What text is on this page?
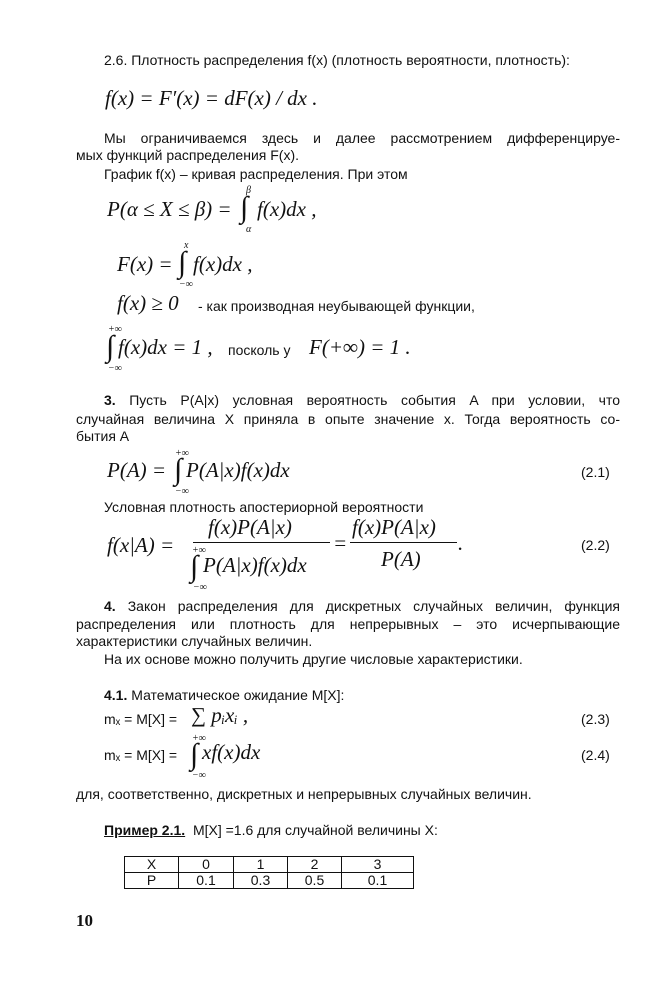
2.6. Плотность распределения f(x) (плотность вероятности, плотность):
f(x) = F′(x) = dF(x) / dx .
Мы ограничиваемся здесь и далее рассмотрением дифференцируе-
мых функций распределения F(x).
График f(x) – кривая распределения. При этом
P(α ≤ X ≤ β) =
β
∫
α
f(x)dx ,
F(x) =
x
∫
−∞
f(x)dx ,
f(x) ≥ 0 - как производная неубывающей функции,
+∞
∫
−∞
f(x)dx = 1 , посколь у F(+∞) = 1 .
3. Пусть P(A|x) условная вероятность события A при условии, что
случайная величина X приняла в опыте значение x. Тогда вероятность со-
бытия A
P(A) =
+∞
∫
−∞
P(A|x)f(x)dx	(2.1)
Условная плотность апостериорной вероятности
f(x|A) =
f(x)P(A|x)
+∞
∫
−∞
P(A|x)f(x)dx
=
f(x)P(A|x)
P(A)
.	(2.2)
4. Закон распределения для дискретных случайных величин, функция
распределения или плотность для непрерывных – это исчерпывающие
характеристики случайных величин.
На их основе можно получить другие числовые характеристики.
4.1. Математическое ожидание M[X]:
mₓ = M[X] = ∑ pᵢxᵢ ,	(2.3)
mₓ = M[X] =
+∞
∫
−∞
xf(x)dx	(2.4)
для, соответственно, дискретных и непрерывных случайных величин.
Пример 2.1. M[X] =1.6 для случайной величины X:
X	0	1	2	3
P	0.1	0.3	0.5	0.1
10
